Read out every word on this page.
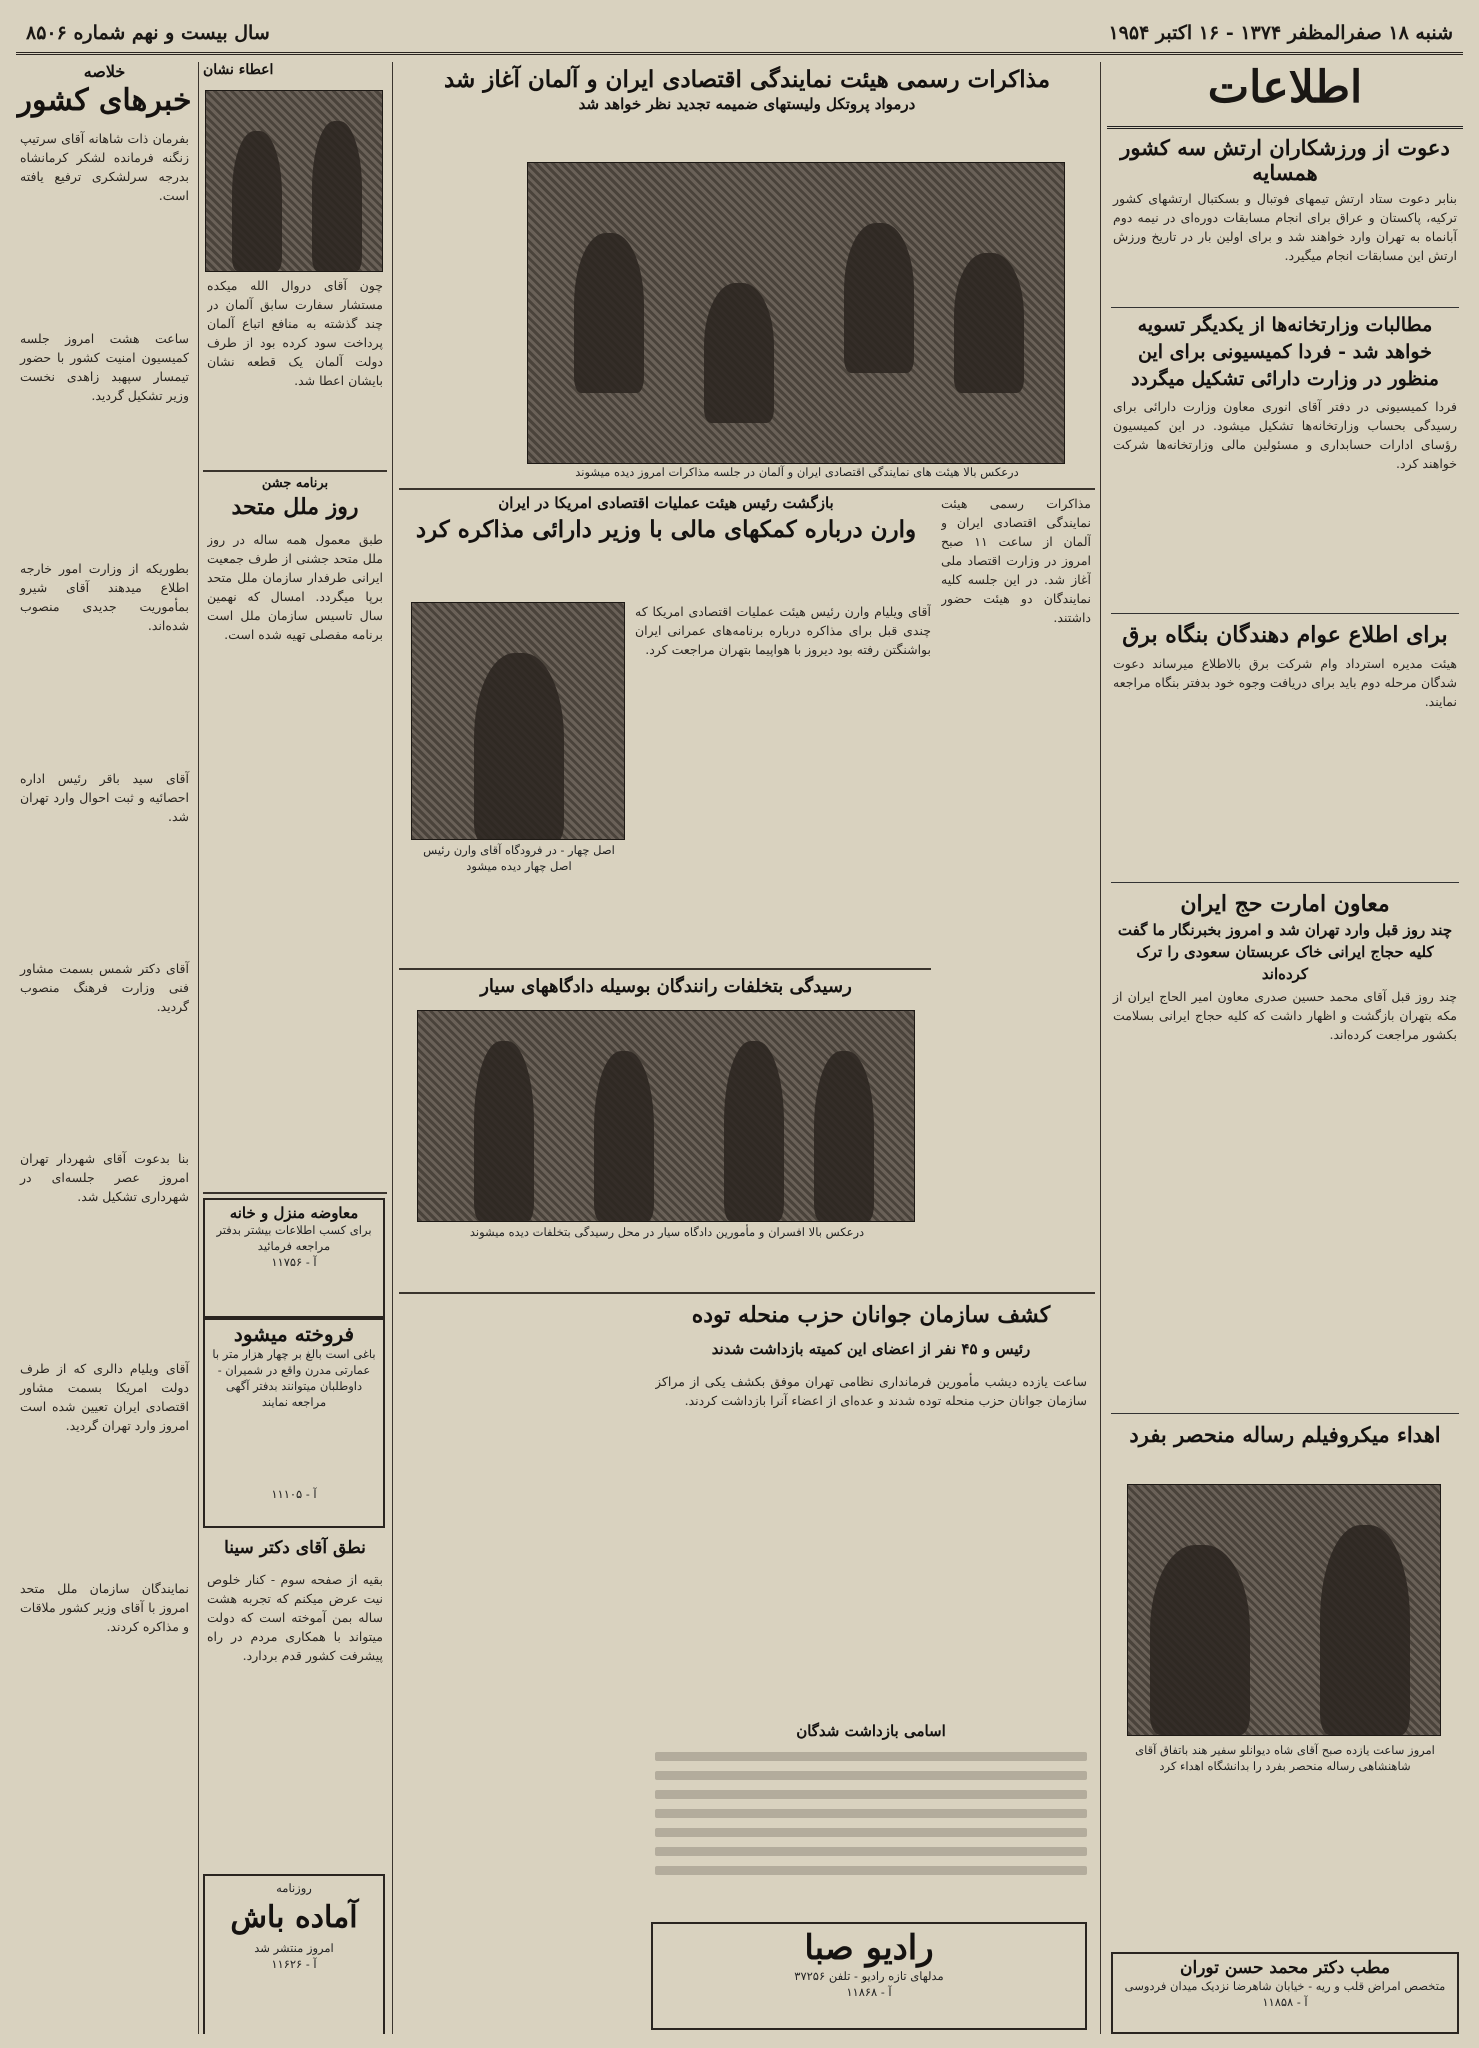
شنبه ۱۸ صفرالمظفر ۱۳۷۴ - ۱۶ اکتبر ۱۹۵۴
سال بیست و نهم شماره ۸۵۰۶
اطلاعات
دعوت از ورزشکاران ارتش سه کشور همسایه
بنابر دعوت ستاد ارتش تیمهای فوتبال و بسکتبال ارتشهای کشور ترکیه، پاکستان و عراق برای انجام مسابقات دوره‌ای در نیمه دوم آبانماه به تهران وارد خواهند شد و برای اولین بار در تاریخ ورزش ارتش این مسابقات انجام میگیرد.
مطالبات وزارتخانه‌ها از یکدیگر تسویه خواهد شد - فردا کمیسیونی برای این منظور در وزارت دارائی تشکیل میگردد
فردا کمیسیونی در دفتر آقای انوری معاون وزارت دارائی برای رسیدگی بحساب وزارتخانه‌ها تشکیل میشود. در این کمیسیون رؤسای ادارات حسابداری و مسئولین مالی وزارتخانه‌ها شرکت خواهند کرد.
برای اطلاع عوام دهندگان بنگاه برق
هیئت مدیره استرداد وام شرکت برق بالاطلاع میرساند دعوت شدگان مرحله دوم باید برای دریافت وجوه خود بدفتر بنگاه مراجعه نمایند.
معاون امارت حج ایران
چند روز قبل وارد تهران شد و امروز بخبرنگار ما گفت کلیه حجاج ایرانی خاک عربستان سعودی را ترک کرده‌اند
چند روز قبل آقای محمد حسین صدری معاون امیر الحاج ایران از مکه بتهران بازگشت و اظهار داشت که کلیه حجاج ایرانی بسلامت بکشور مراجعت کرده‌اند.
اهداء میکروفیلم رساله منحصر بفرد
امروز ساعت یازده صبح آقای شاه دیوانلو سفیر هند باتفاق آقای شاهنشاهی رساله منحصر بفرد را بدانشگاه اهداء کرد
مطب دکتر محمد حسن توران
متخصص امراض قلب و ریه - خیابان شاهرضا نزدیک میدان فردوسی
آ - ۱۱۸۵۸
مذاکرات رسمی هیئت نمایندگی اقتصادی ایران و آلمان آغاز شد
درمواد پروتکل ولیستهای ضمیمه تجدید نظر خواهد شد
درعکس بالا هیئت های نمایندگی اقتصادی ایران و آلمان در جلسه مذاکرات امروز دیده میشوند
مذاکرات رسمی هیئت نمایندگی اقتصادی ایران و آلمان از ساعت ۱۱ صبح امروز در وزارت اقتصاد ملی آغاز شد. در این جلسه کلیه نمایندگان دو هیئت حضور داشتند.
بازگشت رئیس هیئت عملیات اقتصادی امریکا در ایران
وارن درباره کمکهای مالی با وزیر دارائی مذاکره کرد
اصل چهار - در فرودگاه آقای وارن رئیس اصل چهار دیده میشود
آقای ویلیام وارن رئیس هیئت عملیات اقتصادی امریکا که چندی قبل برای مذاکره درباره برنامه‌های عمرانی ایران بواشنگتن رفته بود دیروز با هواپیما بتهران مراجعت کرد.
رسیدگی بتخلفات رانندگان بوسیله دادگاههای سیار
درعکس بالا افسران و مأمورین دادگاه سیار در محل رسیدگی بتخلفات دیده میشوند
کشف سازمان جوانان حزب منحله توده
رئیس و ۴۵ نفر از اعضای این کمیته بازداشت شدند
ساعت یازده دیشب مأمورین فرمانداری نظامی تهران موفق بکشف یکی از مراکز سازمان جوانان حزب منحله توده شدند و عده‌ای از اعضاء آنرا بازداشت کردند.
اسامی بازداشت شدگان
رادیو صبا
مدلهای تازه رادیو - تلفن ۳۷۲۵۶
آ - ۱۱۸۶۸
اعطاء نشان
چون آقای دروال الله میکده مستشار سفارت سابق آلمان در چند گذشته به منافع اتباع آلمان پرداخت سود کرده بود از طرف دولت آلمان یک قطعه نشان بایشان اعطا شد.
برنامه جشن
روز ملل متحد
طبق معمول همه ساله در روز ملل متحد جشنی از طرف جمعیت ایرانی طرفدار سازمان ملل متحد برپا میگردد. امسال که نهمین سال تاسیس سازمان ملل است برنامه مفصلی تهیه شده است.
معاوضه منزل و خانه
برای کسب اطلاعات بیشتر بدفتر مراجعه فرمائید
آ - ۱۱۷۵۶
فروخته میشود
باغی است بالغ بر چهار هزار متر با عمارتی مدرن واقع در شمیران - داوطلبان میتوانند بدفتر آگهی مراجعه نمایند
آ - ۱۱۱۰۵
نطق آقای دکتر سینا
بقیه از صفحه سوم - کنار خلوص نیت عرض میکنم که تجربه هشت ساله بمن آموخته است که دولت میتواند با همکاری مردم در راه پیشرفت کشور قدم بردارد.
روزنامه
آماده باش
امروز منتشر شد
آ - ۱۱۶۲۶
خلاصه
خبرهای کشور
بفرمان ذات شاهانه آقای سرتیپ زنگنه فرمانده لشکر کرمانشاه بدرجه سرلشکری ترفیع یافته است.
ساعت هشت امروز جلسه کمیسیون امنیت کشور با حضور تیمسار سپهبد زاهدی نخست وزیر تشکیل گردید.
بطوریکه از وزارت امور خارجه اطلاع میدهند آقای شیرو بمأموریت جدیدی منصوب شده‌اند.
آقای سید باقر رئیس اداره احصائیه و ثبت احوال وارد تهران شد.
آقای دکتر شمس بسمت مشاور فنی وزارت فرهنگ منصوب گردید.
بنا بدعوت آقای شهردار تهران امروز عصر جلسه‌ای در شهرداری تشکیل شد.
آقای ویلیام دالری که از طرف دولت امریکا بسمت مشاور اقتصادی ایران تعیین شده است امروز وارد تهران گردید.
نمایندگان سازمان ملل متحد امروز با آقای وزیر کشور ملاقات و مذاکره کردند.
